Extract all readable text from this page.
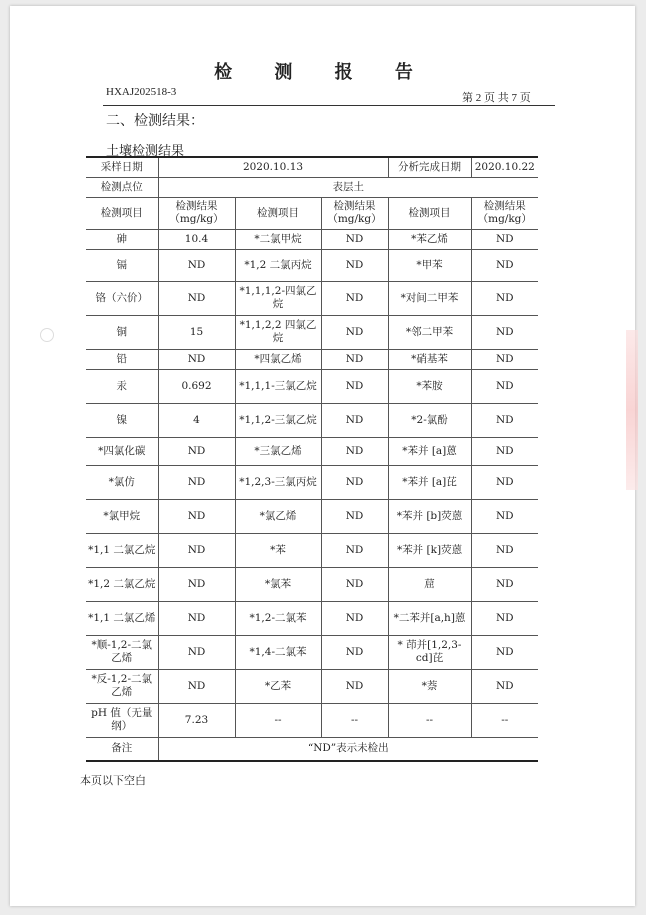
检 测 报 告
HXAJ202518-3	第 2 页 共 7 页
二、检测结果：
土壤检测结果
采样日期	2020.10.13			分析完成日期	2020.10.22
检测点位	表层土				
检测项目	检测结果（mg/kg）	检测项目	检测结果（mg/kg）	检测项目	检测结果（mg/kg）
砷	10.4	*二氯甲烷	ND	*苯乙烯	ND
镉	ND	*1,2 二氯丙烷	ND	*甲苯	ND
铬（六价）	ND	*1,1,1,2-四氯乙烷	ND	*对间二甲苯	ND
铜	15	*1,1,2,2 四氯乙烷	ND	*邻二甲苯	ND
铅	ND	*四氯乙烯	ND	*硝基苯	ND
汞	0.692	*1,1,1-三氯乙烷	ND	*苯胺	ND
镍	4	*1,1,2-三氯乙烷	ND	*2-氯酚	ND
*四氯化碳	ND	*三氯乙烯	ND	*苯并 [a]蒽	ND
*氯仿	ND	*1,2,3-三氯丙烷	ND	*苯并 [a]芘	ND
*氯甲烷	ND	*氯乙烯	ND	*苯并 [b]荧蒽	ND
*1,1 二氯乙烷	ND	*苯	ND	*苯并 [k]荧蒽	ND
*1,2 二氯乙烷	ND	*氯苯	ND	䓛	ND
*1,1 二氯乙烯	ND	*1,2-二氯苯	ND	*二苯并[a,h]蒽	ND
*顺-1,2-二氯乙烯	ND	*1,4-二氯苯	ND	* 茚并[1,2,3-cd]芘	ND
*反-1,2-二氯乙烯	ND	*乙苯	ND	*萘	ND
pH 值（无量纲）	7.23	--	--	--	--
备注	“ND”表示未检出				
本页以下空白
